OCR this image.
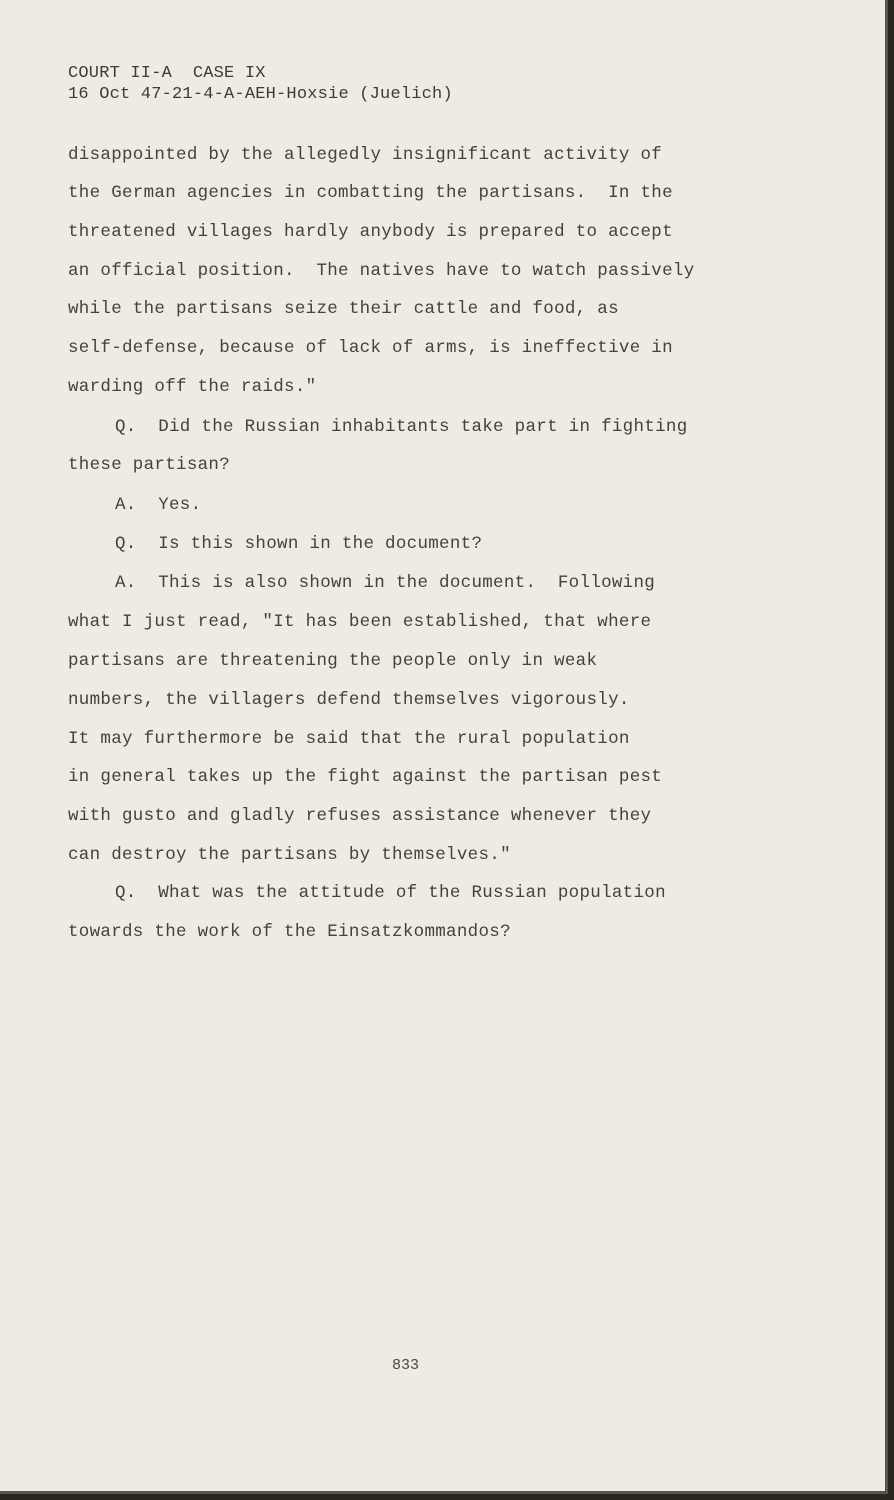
COURT II-A  CASE IX
16 Oct 47-21-4-A-AEH-Hoxsie (Juelich)
disappointed by the allegedly insignificant activity of
the German agencies in combatting the partisans.  In the
threatened villages hardly anybody is prepared to accept
an official position.  The natives have to watch passively
while the partisans seize their cattle and food, as
self-defense, because of lack of arms, is ineffective in
warding off the raids."
Q.  Did the Russian inhabitants take part in fighting
these partisan?
A.  Yes.
Q.  Is this shown in the document?
A.  This is also shown in the document.  Following
what I just read, "It has been established, that where
partisans are threatening the people only in weak
numbers, the villagers defend themselves vigorously.
It may furthermore be said that the rural population
in general takes up the fight against the partisan pest
with gusto and gladly refuses assistance whenever they
can destroy the partisans by themselves."
Q.  What was the attitude of the Russian population
towards the work of the Einsatzkommandos?
833
